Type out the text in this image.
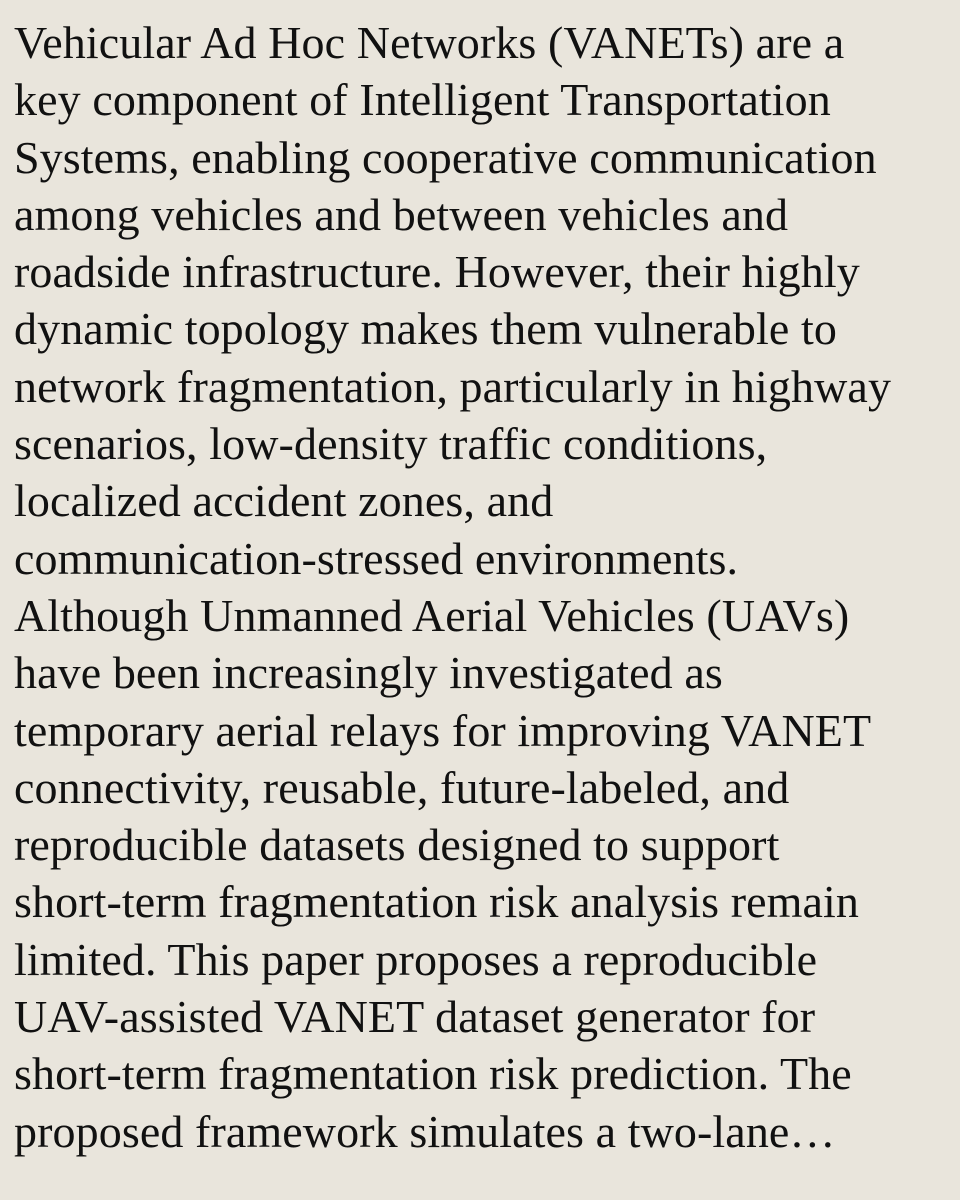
Vehicular Ad Hoc Networks (VANETs) are a
key component of Intelligent Transportation
Systems, enabling cooperative communication
among vehicles and between vehicles and
roadside infrastructure. However, their highly
dynamic topology makes them vulnerable to
network fragmentation, particularly in highway
scenarios, low-density traffic conditions,
localized accident zones, and
communication-stressed environments.
Although Unmanned Aerial Vehicles (UAVs)
have been increasingly investigated as
temporary aerial relays for improving VANET
connectivity, reusable, future-labeled, and
reproducible datasets designed to support
short-term fragmentation risk analysis remain
limited. This paper proposes a reproducible
UAV-assisted VANET dataset generator for
short-term fragmentation risk prediction. The
proposed framework simulates a two-lane…
